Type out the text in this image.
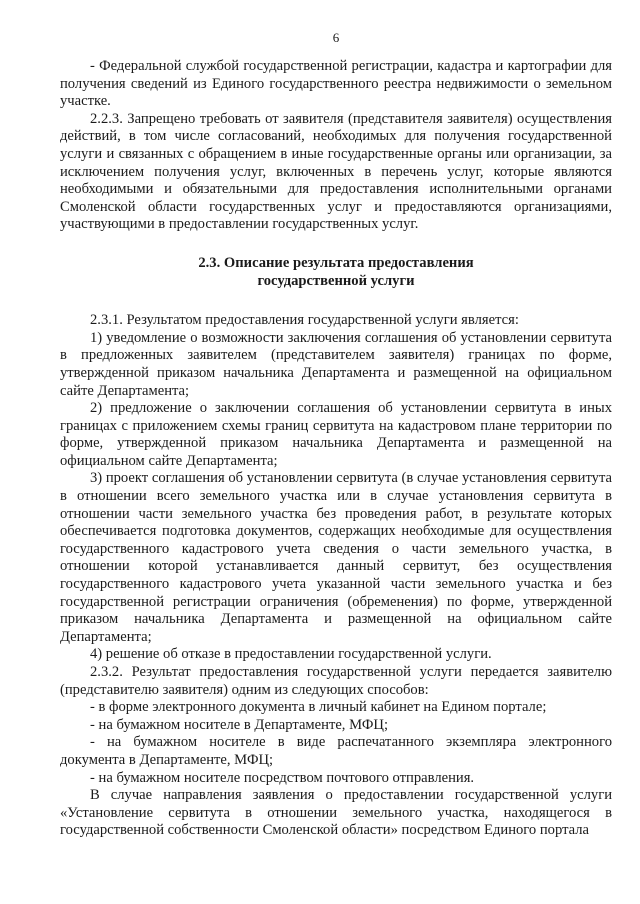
6

- Федеральной службой государственной регистрации, кадастра и картографии для получения сведений из Единого государственного реестра недвижимости о земельном участке.

2.2.3. Запрещено требовать от заявителя (представителя заявителя) осуществления действий, в том числе согласований, необходимых для получения государственной услуги и связанных с обращением в иные государственные органы или организации, за исключением получения услуг, включенных в перечень услуг, которые являются необходимыми и обязательными для предоставления исполнительными органами Смоленской области государственных услуг и предоставляются организациями, участвующими в предоставлении государственных услуг.

2.3. Описание результата предоставления
государственной услуги

2.3.1. Результатом предоставления государственной услуги является:

1) уведомление о возможности заключения соглашения об установлении сервитута в предложенных заявителем (представителем заявителя) границах по форме, утвержденной приказом начальника Департамента и размещенной на официальном сайте Департамента;

2) предложение о заключении соглашения об установлении сервитута в иных границах с приложением схемы границ сервитута на кадастровом плане территории по форме, утвержденной приказом начальника Департамента и размещенной на официальном сайте Департамента;

3) проект соглашения об установлении сервитута (в случае установления сервитута в отношении всего земельного участка или в случае установления сервитута в отношении части земельного участка без проведения работ, в результате которых обеспечивается подготовка документов, содержащих необходимые для осуществления государственного кадастрового учета сведения о части земельного участка, в отношении которой устанавливается данный сервитут, без осуществления государственного кадастрового учета указанной части земельного участка и без государственной регистрации ограничения (обременения) по форме, утвержденной приказом начальника Департамента и размещенной на официальном сайте Департамента;

4) решение об отказе в предоставлении государственной услуги.

2.3.2. Результат предоставления государственной услуги передается заявителю (представителю заявителя) одним из следующих способов:

- в форме электронного документа в личный кабинет на Едином портале;

- на бумажном носителе в Департаменте, МФЦ;

- на бумажном носителе в виде распечатанного экземпляра электронного документа в Департаменте, МФЦ;

- на бумажном носителе посредством почтового отправления.

В случае направления заявления о предоставлении государственной услуги «Установление сервитута в отношении земельного участка, находящегося в государственной собственности Смоленской области» посредством Единого портала
